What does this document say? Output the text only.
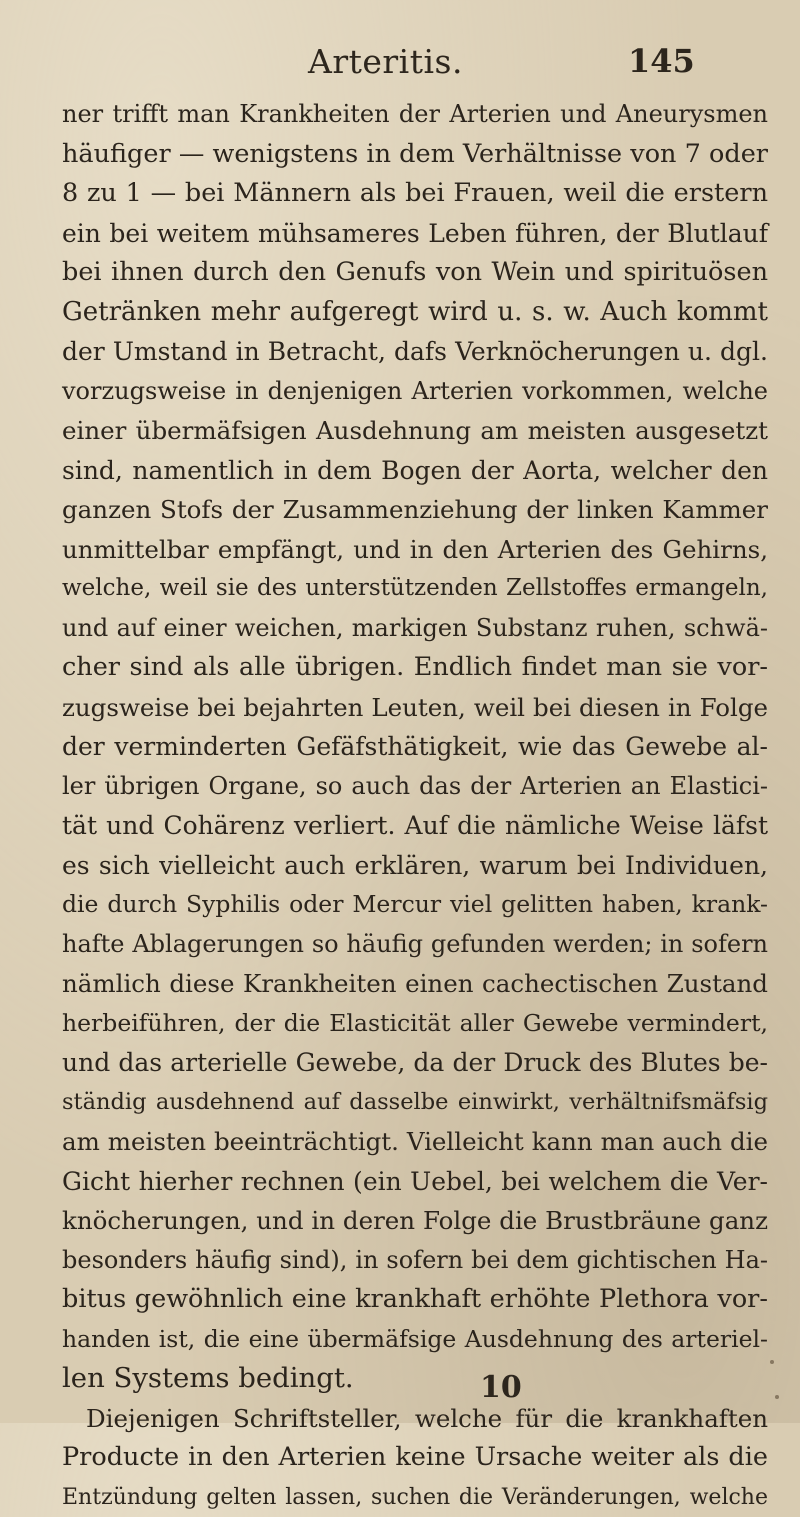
Arteritis.	145
ner trifft man Krankheiten der Arterien und Aneurysmen
häufiger — wenigstens in dem Verhältnisse von 7 oder
8 zu 1 — bei Männern als bei Frauen, weil die erstern
ein bei weitem mühsameres Leben führen, der Blutlauf
bei ihnen durch den Genufs von Wein und spirituösen
Getränken mehr aufgeregt wird u. s. w. Auch kommt
der Umstand in Betracht, dafs Verknöcherungen u. dgl.
vorzugsweise in denjenigen Arterien vorkommen, welche
einer übermäfsigen Ausdehnung am meisten ausgesetzt
sind, namentlich in dem Bogen der Aorta, welcher den
ganzen Stofs der Zusammenziehung der linken Kammer
unmittelbar empfängt, und in den Arterien des Gehirns,
welche, weil sie des unterstützenden Zellstoffes ermangeln,
und auf einer weichen, markigen Substanz ruhen, schwä-
cher sind als alle übrigen. Endlich findet man sie vor-
zugsweise bei bejahrten Leuten, weil bei diesen in Folge
der verminderten Gefäfsthätigkeit, wie das Gewebe al-
ler übrigen Organe, so auch das der Arterien an Elastici-
tät und Cohärenz verliert. Auf die nämliche Weise läfst
es sich vielleicht auch erklären, warum bei Individuen,
die durch Syphilis oder Mercur viel gelitten haben, krank-
hafte Ablagerungen so häufig gefunden werden; in sofern
nämlich diese Krankheiten einen cachectischen Zustand
herbeiführen, der die Elasticität aller Gewebe vermindert,
und das arterielle Gewebe, da der Druck des Blutes be-
ständig ausdehnend auf dasselbe einwirkt, verhältnifsmäfsig
am meisten beeinträchtigt. Vielleicht kann man auch die
Gicht hierher rechnen (ein Uebel, bei welchem die Ver-
knöcherungen, und in deren Folge die Brustbräune ganz
besonders häufig sind), in sofern bei dem gichtischen Ha-
bitus gewöhnlich eine krankhaft erhöhte Plethora vor-
handen ist, die eine übermäfsige Ausdehnung des arteriel-
len Systems bedingt.
Diejenigen Schriftsteller, welche für die krankhaften
Producte in den Arterien keine Ursache weiter als die
Entzündung gelten lassen, suchen die Veränderungen, welche
10
